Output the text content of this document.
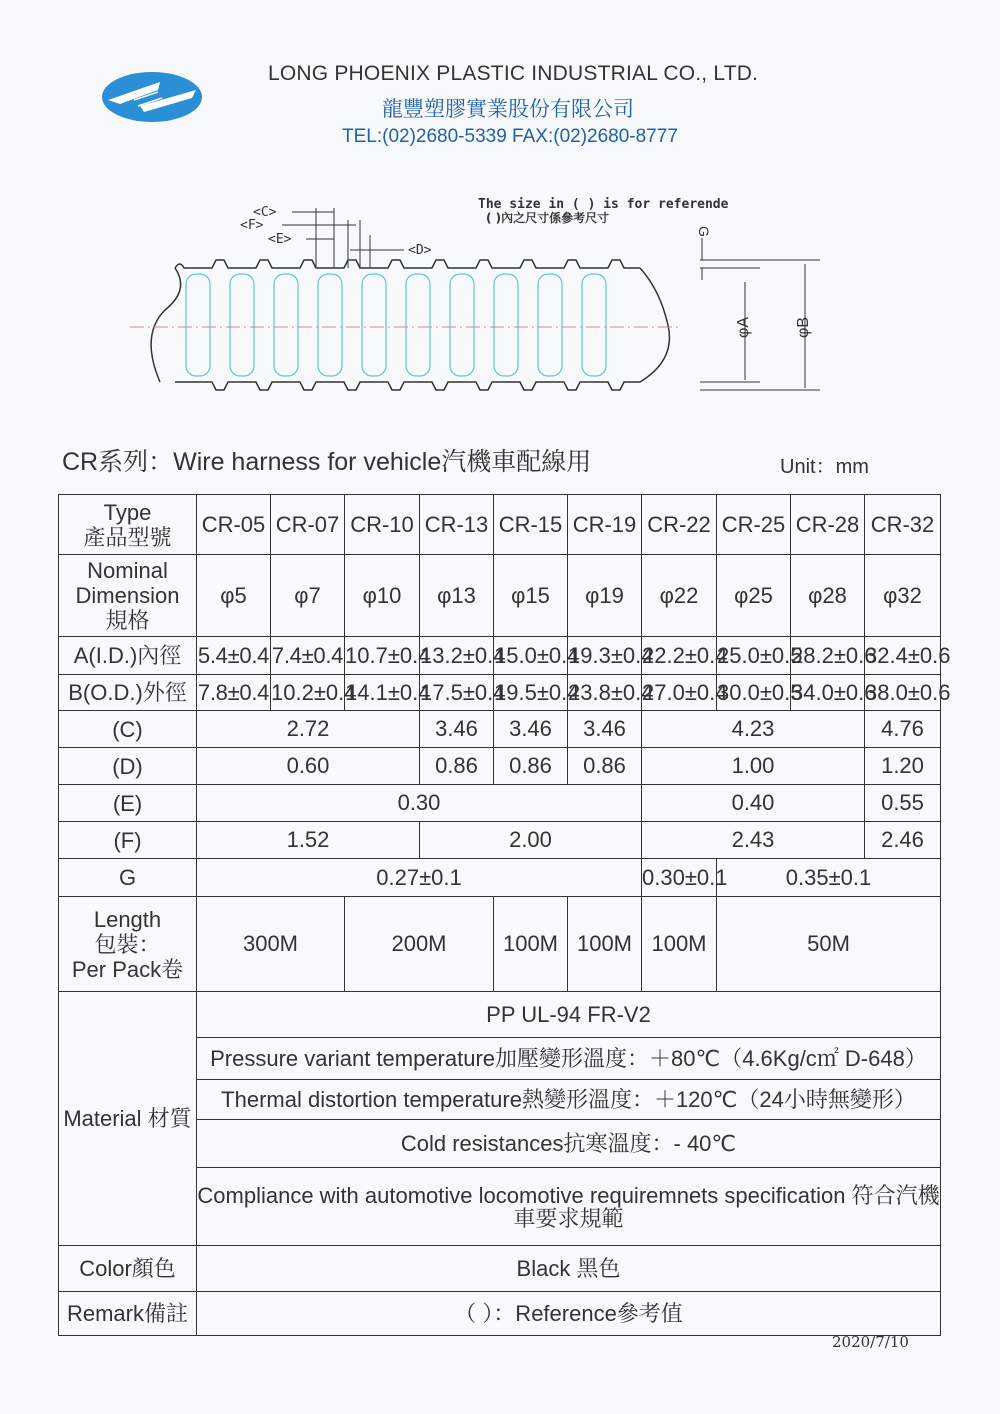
LONG PHOENIX PLASTIC INDUSTRIAL CO., LTD.
龍豐塑膠實業股份有限公司
TEL:(02)2680-5339 FAX:(02)2680-8777
The size in ( ) is for referende
( )內之尺寸係參考尺寸
G
φA	φB
<C>
<F>
<E>
<D>
CR系列：Wire harness for vehicle汽機車配線用	Unit：mm
Type
產品型號	CR-05	CR-07	CR-10	CR-13	CR-15	CR-19	CR-22	CR-25	CR-28	CR-32
Nominal
Dimension
規格	φ5	φ7	φ10	φ13	φ15	φ19	φ22	φ25	φ28	φ32
A(I.D.)內徑	5.4±0.4	7.4±0.4	10.7±0.4	13.2±0.4	15.0±0.4	19.3±0.4	22.2±0.4	25.0±0.5	28.2±0.6	32.4±0.6
B(O.D.)外徑	7.8±0.4	10.2±0.4	14.1±0.4	17.5±0.4	19.5±0.4	23.8±0.4	27.0±0.4	30.0±0.5	34.0±0.6	38.0±0.6
(C)	2.72			3.46	3.46	3.46	4.23			4.76
(D)	0.60			0.86	0.86	0.86	1.00			1.20
(E)	0.30						0.40			0.55
(F)	1.52			2.00			2.43			2.46
G	0.27±0.1						0.30±0.1	0.35±0.1		
Length
包裝：
Per Pack卷	300M		200M		100M	100M	100M	50M		
Material 材質	PP UL-94 FR-V2									
	Pressure variant temperature加壓變形溫度：＋80℃（4.6Kg/c㎡ D-648）									
	Thermal distortion temperature熱變形溫度：＋120℃（24小時無變形）									
	Cold resistances抗寒溫度：- 40℃									
	Compliance with automotive locomotive requiremnets specification 符合汽機車要求規範									
Color顏色	Black 黑色									
Remark備註	（ ）：Reference參考值									
2020/7/10
